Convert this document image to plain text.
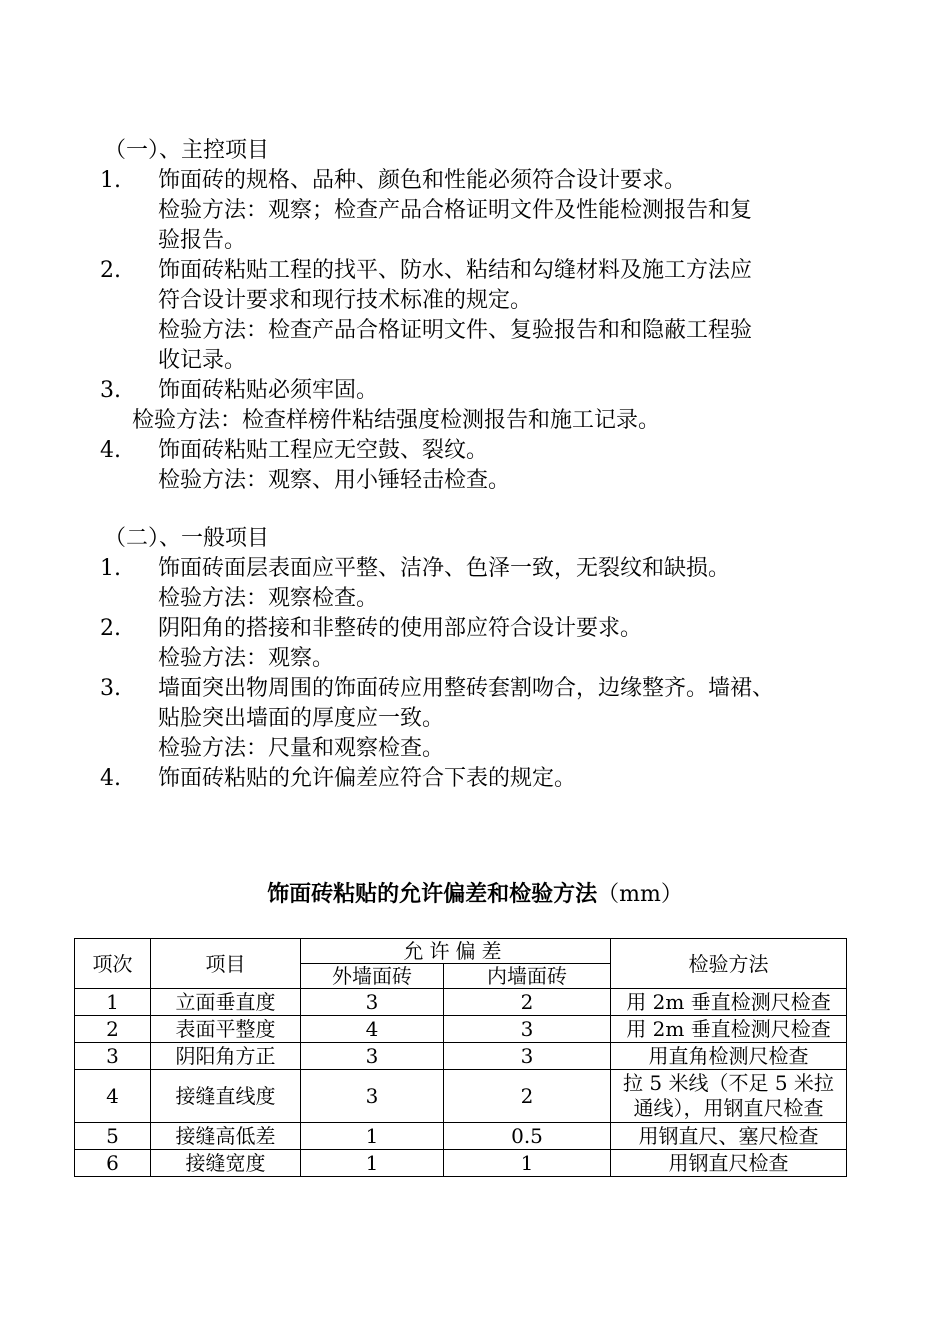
（一）、主控项目
1. 饰面砖的规格、品种、颜色和性能必须符合设计要求。
检验方法：观察；检查产品合格证明文件及性能检测报告和复
验报告。
2. 饰面砖粘贴工程的找平、防水、粘结和勾缝材料及施工方法应
符合设计要求和现行技术标准的规定。
检验方法：检查产品合格证明文件、复验报告和和隐蔽工程验
收记录。
3. 饰面砖粘贴必须牢固。
检验方法：检查样榜件粘结强度检测报告和施工记录。
4. 饰面砖粘贴工程应无空鼓、裂纹。
检验方法：观察、用小锤轻击检查。
（二）、一般项目
1. 饰面砖面层表面应平整、洁净、色泽一致，无裂纹和缺损。
检验方法：观察检查。
2. 阴阳角的搭接和非整砖的使用部应符合设计要求。
检验方法：观察。
3. 墙面突出物周围的饰面砖应用整砖套割吻合，边缘整齐。墙裙、
贴脸突出墙面的厚度应一致。
检验方法：尺量和观察检查。
4. 饰面砖粘贴的允许偏差应符合下表的规定。
饰面砖粘贴的允许偏差和检验方法（mm）
项次	项目	允许偏差		检验方法
		外墙面砖	内墙面砖	
1	立面垂直度	3	2	用 2m 垂直检测尺检查
2	表面平整度	4	3	用 2m 垂直检测尺检查
3	阴阳角方正	3	3	用直角检测尺检查
4	接缝直线度	3	2	拉 5 米线（不足 5 米拉
通线），用钢直尺检查

5	接缝高低差	1	0.5	用钢直尺、塞尺检查
6	接缝宽度	1	1	用钢直尺检查
